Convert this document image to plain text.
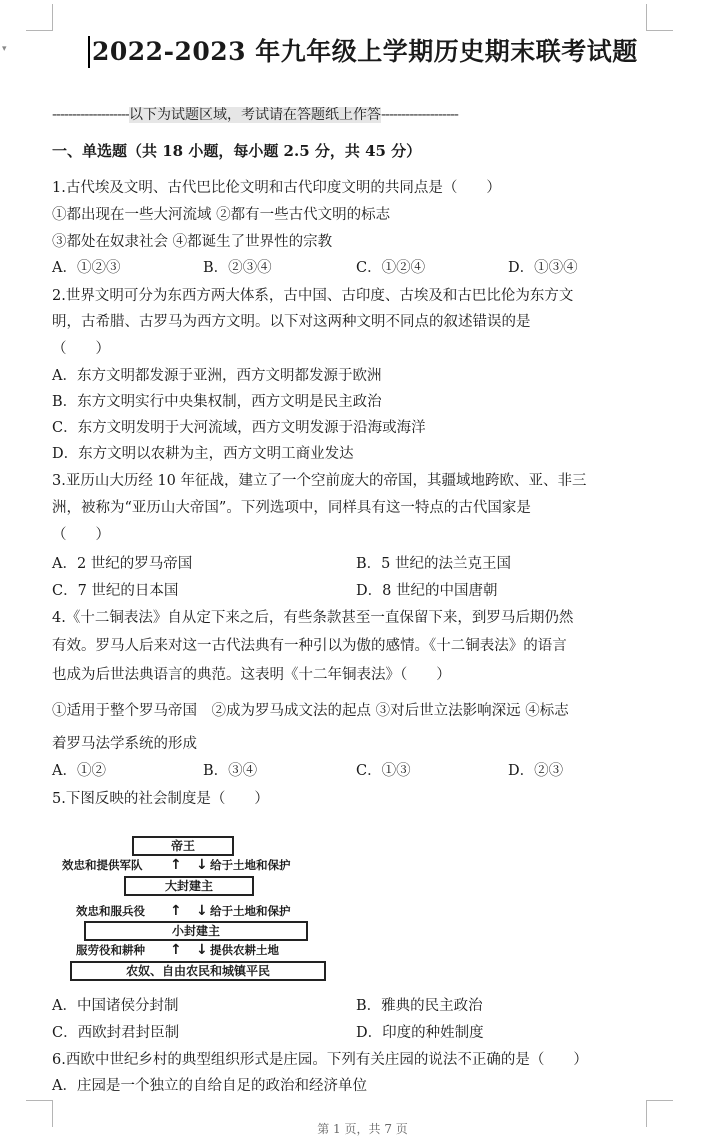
▾	2022-2023 年九年级上学期历史期末联考试题
-------------------以下为试题区域，考试请在答题纸上作答-------------------
一、单选题（共 18 小题，每小题 2.5 分，共 45 分）
1.古代埃及文明、古代巴比伦文明和古代印度文明的共同点是（　　）
①都出现在一些大河流域 ②都有一些古代文明的标志
③都处在奴隶社会 ④都诞生了世界性的宗教
A．①②③	B．②③④	C．①②④	D．①③④
2.世界文明可分为东西方两大体系，古中国、古印度、古埃及和古巴比伦为东方文
明，古希腊、古罗马为西方文明。以下对这两种文明不同点的叙述错误的是
（　　）
A．东方文明都发源于亚洲，西方文明都发源于欧洲
B．东方文明实行中央集权制，西方文明是民主政治
C．东方文明发明于大河流域，西方文明发源于沿海或海洋
D．东方文明以农耕为主，西方文明工商业发达
3.亚历山大历经 10 年征战，建立了一个空前庞大的帝国，其疆域地跨欧、亚、非三
洲，被称为“亚历山大帝国”。下列选项中，同样具有这一特点的古代国家是
（　　）
A．2 世纪的罗马帝国	B．5 世纪的法兰克王国
C．7 世纪的日本国	D．8 世纪的中国唐朝
4.《十二铜表法》自从定下来之后，有些条款甚至一直保留下来，到罗马后期仍然
有效。罗马人后来对这一古代法典有一种引以为傲的感情。《十二铜表法》的语言
也成为后世法典语言的典范。这表明《十二年铜表法》（　　）
①适用于整个罗马帝国　②成为罗马成文法的起点 ③对后世立法影响深远 ④标志
着罗马法学系统的形成
A．①②	B．③④	C．①③	D．②③
5.下图反映的社会制度是（　　）
帝王
效忠和提供军队 ↑ ↓ 给于土地和保护
大封建主
效忠和服兵役 ↑ ↓ 给于土地和保护
小封建主
服劳役和耕种 ↑ ↓ 提供农耕土地
农奴、自由农民和城镇平民
A．中国诸侯分封制	B．雅典的民主政治
C．西欧封君封臣制	D．印度的种姓制度
6.西欧中世纪乡村的典型组织形式是庄园。下列有关庄园的说法不正确的是（　　）
A．庄园是一个独立的自给自足的政治和经济单位
第 1 页，共 7 页
